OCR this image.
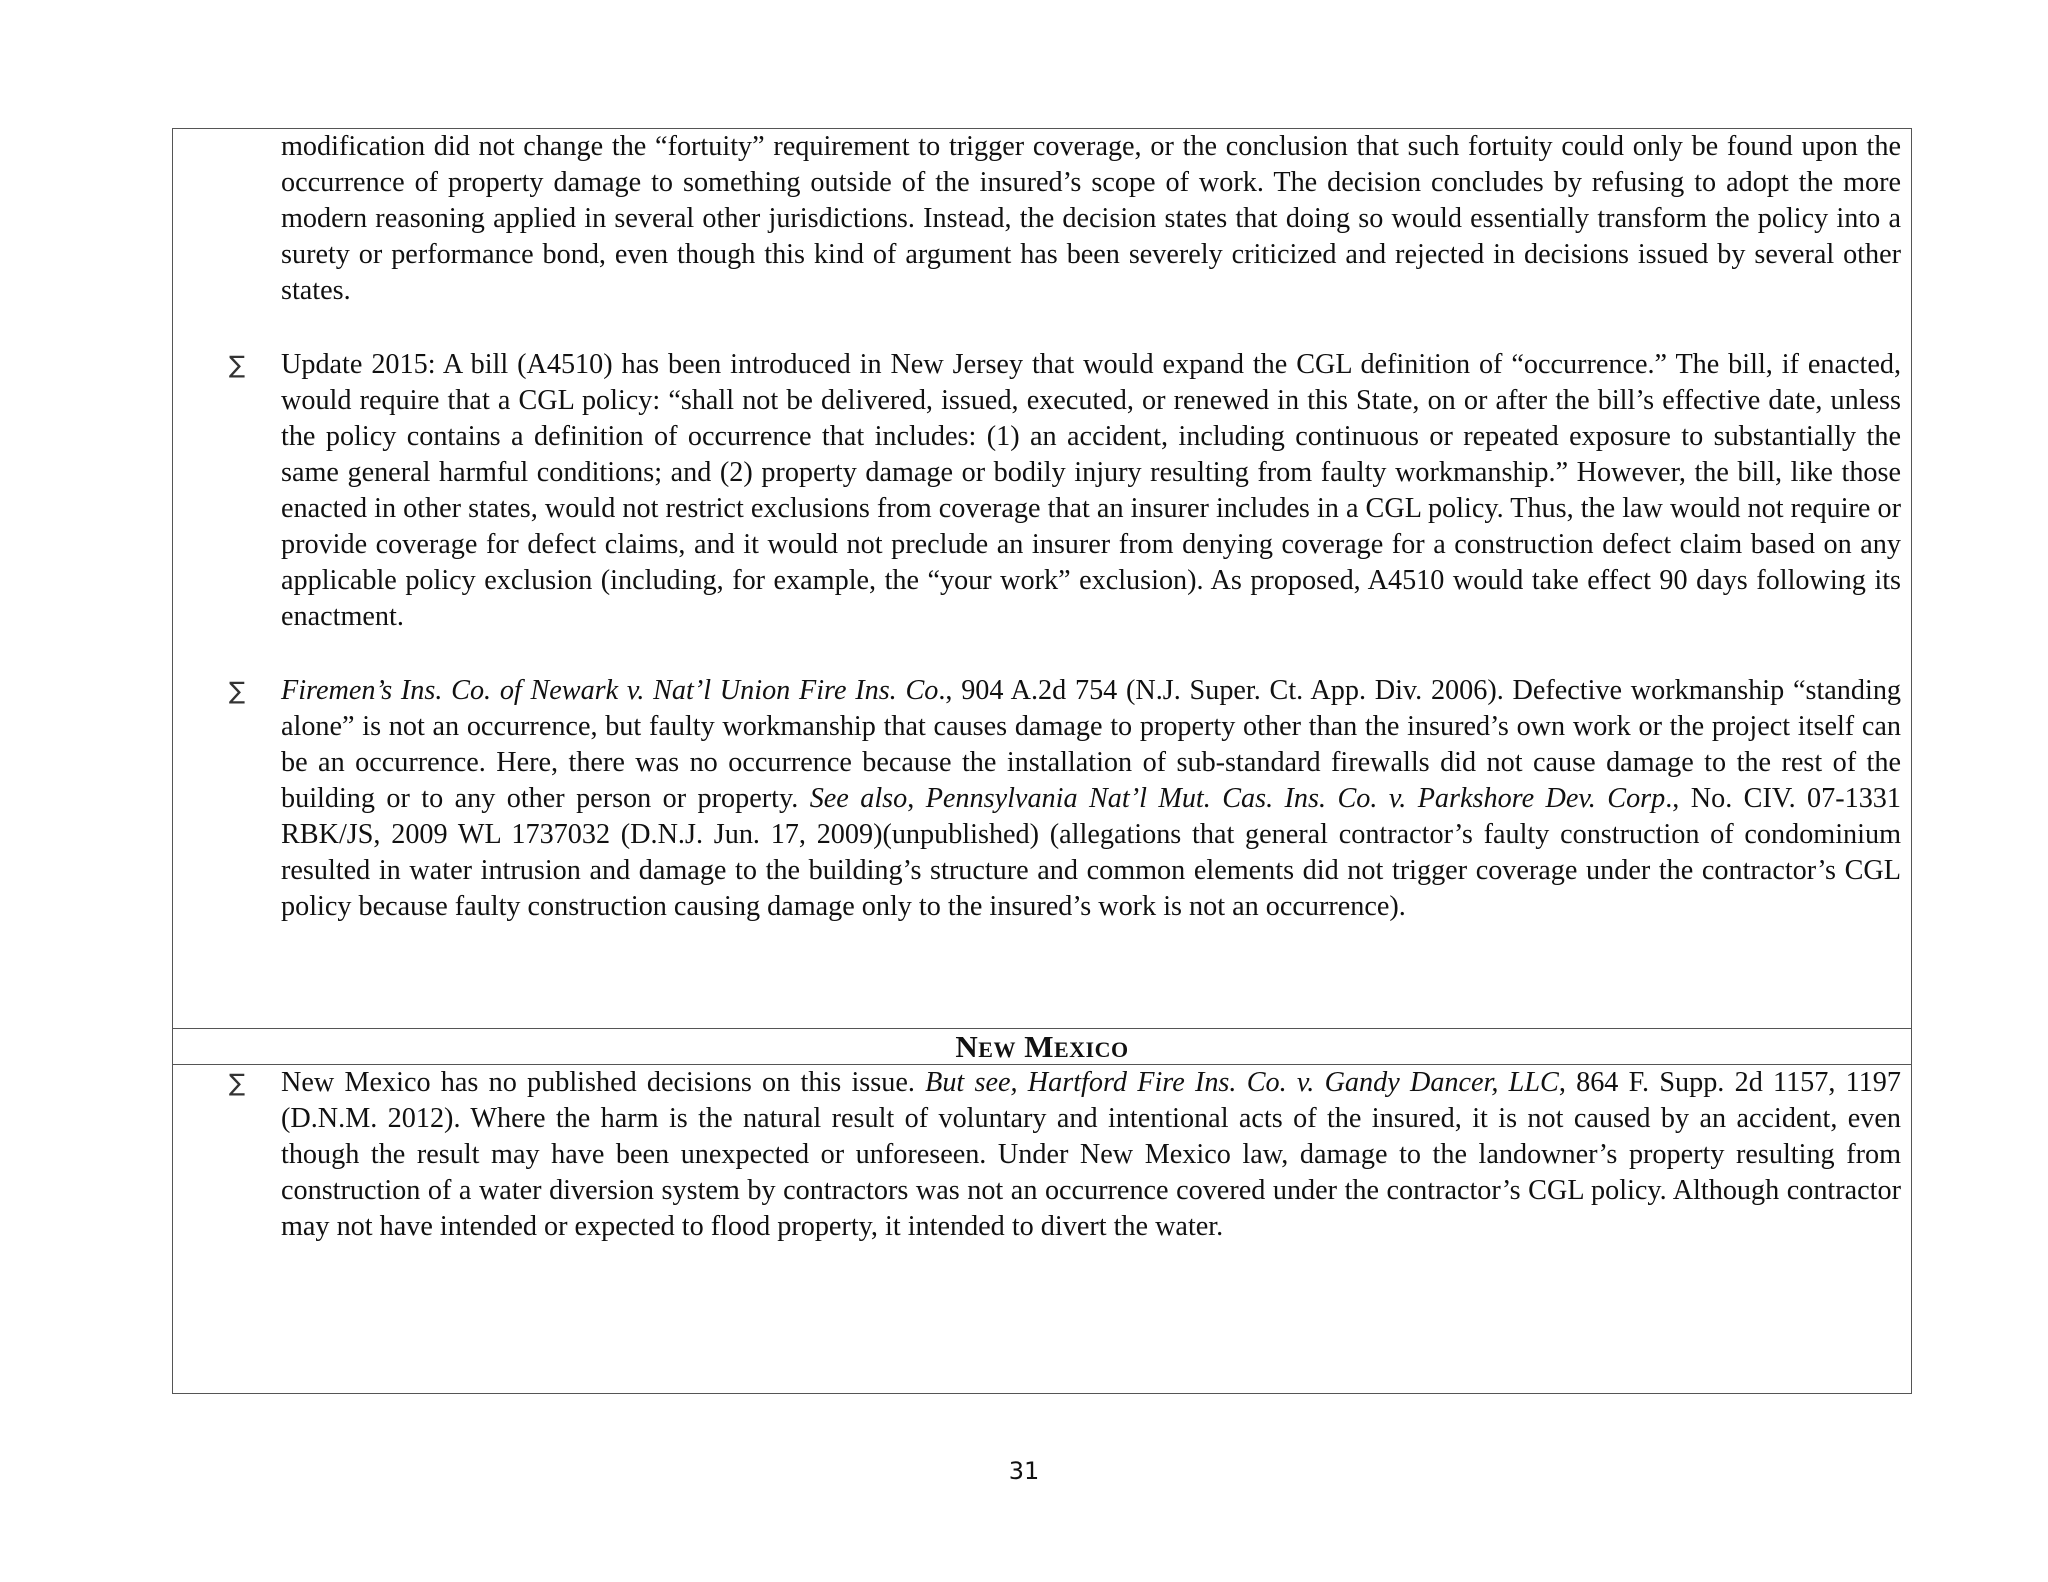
modification did not change the “fortuity” requirement to trigger coverage, or the conclusion that such fortuity could only be found upon the occurrence of property damage to something outside of the insured’s scope of work. The decision concludes by refusing to adopt the more modern reasoning applied in several other jurisdictions. Instead, the decision states that doing so would essentially transform the policy into a surety or performance bond, even though this kind of argument has been severely criticized and rejected in decisions issued by several other states.
∑ Update 2015: A bill (A4510) has been introduced in New Jersey that would expand the CGL definition of “occurrence.” The bill, if enacted, would require that a CGL policy: “shall not be delivered, issued, executed, or renewed in this State, on or after the bill’s effective date, unless the policy contains a definition of occurrence that includes: (1) an accident, including continuous or repeated exposure to substantially the same general harmful conditions; and (2) property damage or bodily injury resulting from faulty workmanship.” However, the bill, like those enacted in other states, would not restrict exclusions from coverage that an insurer includes in a CGL policy. Thus, the law would not require or provide coverage for defect claims, and it would not preclude an insurer from denying coverage for a construction defect claim based on any applicable policy exclusion (including, for example, the “your work” exclusion). As proposed, A4510 would take effect 90 days following its enactment.
∑ Firemen’s Ins. Co. of Newark v. Nat’l Union Fire Ins. Co., 904 A.2d 754 (N.J. Super. Ct. App. Div. 2006). Defective workmanship “standing alone” is not an occurrence, but faulty workmanship that causes damage to property other than the insured’s own work or the project itself can be an occurrence. Here, there was no occurrence because the installation of sub-standard firewalls did not cause damage to the rest of the building or to any other person or property. See also, Pennsylvania Nat’l Mut. Cas. Ins. Co. v. Parkshore Dev. Corp., No. CIV. 07-1331 RBK/JS, 2009 WL 1737032 (D.N.J. Jun. 17, 2009)(unpublished) (allegations that general contractor’s faulty construction of condominium resulted in water intrusion and damage to the building’s structure and common elements did not trigger coverage under the contractor’s CGL policy because faulty construction causing damage only to the insured’s work is not an occurrence).
New Mexico
∑ New Mexico has no published decisions on this issue. But see, Hartford Fire Ins. Co. v. Gandy Dancer, LLC, 864 F. Supp. 2d 1157, 1197 (D.N.M. 2012). Where the harm is the natural result of voluntary and intentional acts of the insured, it is not caused by an accident, even though the result may have been unexpected or unforeseen. Under New Mexico law, damage to the landowner’s property resulting from construction of a water diversion system by contractors was not an occurrence covered under the contractor’s CGL policy. Although contractor may not have intended or expected to flood property, it intended to divert the water.
31
